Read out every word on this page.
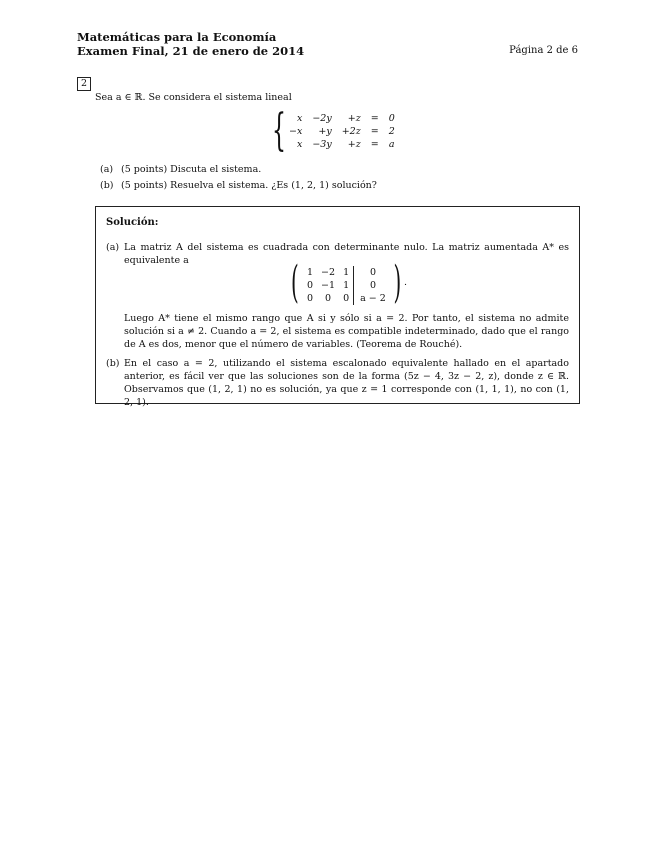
Matemáticas para la Economía
Examen Final, 21 de enero de 2014	Página 2 de 6
2
Sea a ∈ ℝ. Se considera el sistema lineal
{ x	−2y	+z	=	0
−x	+y	+2z	=	2
x	−3y	+z	=	a
(a) (5 points) Discuta el sistema.
(b) (5 points) Resuelva el sistema. ¿Es (1, 2, 1) solución?
Solución:
(a) La matriz A del sistema es cuadrada con determinante nulo. La matriz aumentada A* es equivalente a	( 1	−2	1	0
0	−1	1	0
0	0	0	a − 2 ) .
Luego A* tiene el mismo rango que A si y sólo si a = 2. Por tanto, el sistema no admite solución si a ≠ 2. Cuando a = 2, el sistema es compatible indeterminado, dado que el rango de A es dos, menor que el número de variables. (Teorema de Rouché).
(b) En el caso a = 2, utilizando el sistema escalonado equivalente hallado en el apartado anterior, es fácil ver que las soluciones son de la forma (5z − 4, 3z − 2, z), donde z ∈ ℝ. Observamos que (1, 2, 1) no es solución, ya que z = 1 corresponde con (1, 1, 1), no con (1, 2, 1).
